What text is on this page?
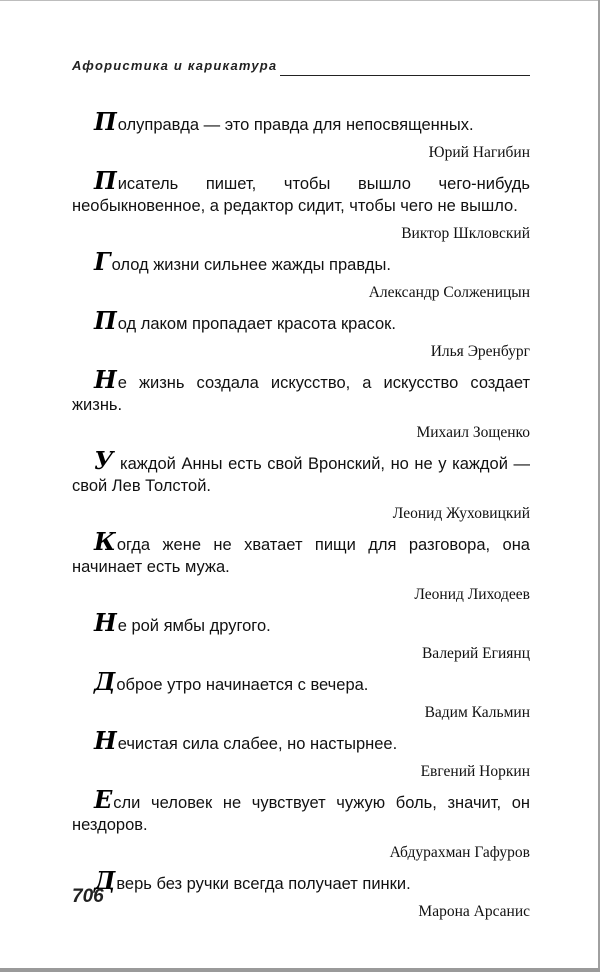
Афористика и карикатура
Полуправда — это правда для непосвященных.
Юрий Нагибин
Писатель пишет, чтобы вышло чего-нибудь необыкновенное, а редактор сидит, чтобы чего не вышло.
Виктор Шкловский
Голод жизни сильнее жажды правды.
Александр Солженицын
Под лаком пропадает красота красок.
Илья Эренбург
Не жизнь создала искусство, а искусство создает жизнь.
Михаил Зощенко
У каждой Анны есть свой Вронский, но не у каждой — свой Лев Толстой.
Леонид Жуховицкий
Когда жене не хватает пищи для разговора, она начинает есть мужа.
Леонид Лиходеев
Не рой ямбы другого.
Валерий Егиянц
Доброе утро начинается с вечера.
Вадим Кальмин
Нечистая сила слабее, но настырнее.
Евгений Норкин
Если человек не чувствует чужую боль, значит, он нездоров.
Абдурахман Гафуров
Дверь без ручки всегда получает пинки.
Марона Арсанис
706
